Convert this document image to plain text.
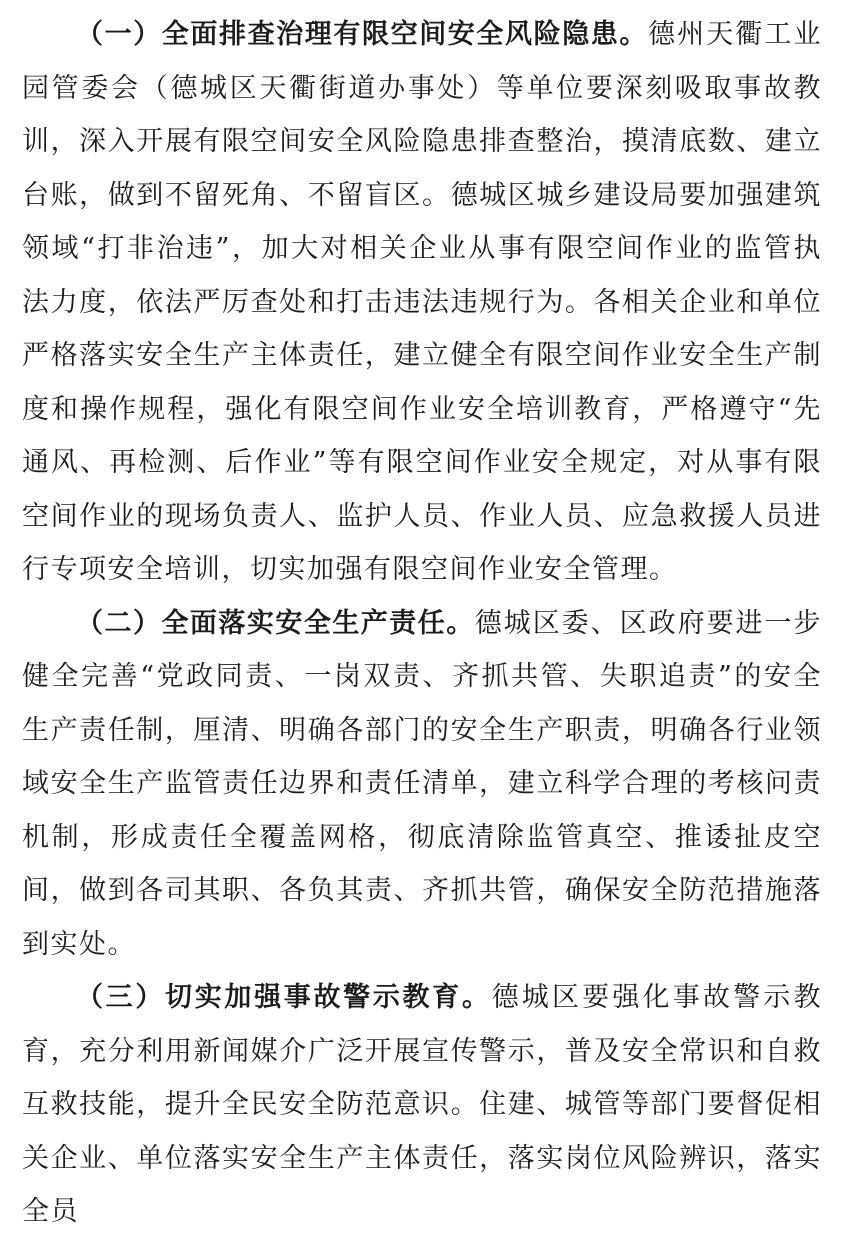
（一）全面排查治理有限空间安全风险隐患。德州天衢工业园管委会（德城区天衢街道办事处）等单位要深刻吸取事故教训，深入开展有限空间安全风险隐患排查整治，摸清底数、建立台账，做到不留死角、不留盲区。德城区城乡建设局要加强建筑领域“打非治违”，加大对相关企业从事有限空间作业的监管执法力度，依法严厉查处和打击违法违规行为。各相关企业和单位严格落实安全生产主体责任，建立健全有限空间作业安全生产制度和操作规程，强化有限空间作业安全培训教育，严格遵守“先通风、再检测、后作业”等有限空间作业安全规定，对从事有限空间作业的现场负责人、监护人员、作业人员、应急救援人员进行专项安全培训，切实加强有限空间作业安全管理。

（二）全面落实安全生产责任。德城区委、区政府要进一步健全完善“党政同责、一岗双责、齐抓共管、失职追责”的安全生产责任制，厘清、明确各部门的安全生产职责，明确各行业领域安全生产监管责任边界和责任清单，建立科学合理的考核问责机制，形成责任全覆盖网格，彻底清除监管真空、推诿扯皮空间，做到各司其职、各负其责、齐抓共管，确保安全防范措施落到实处。

（三）切实加强事故警示教育。德城区要强化事故警示教育，充分利用新闻媒介广泛开展宣传警示，普及安全常识和自救互救技能，提升全民安全防范意识。住建、城管等部门要督促相关企业、单位落实安全生产主体责任，落实岗位风险辨识，落实全员
